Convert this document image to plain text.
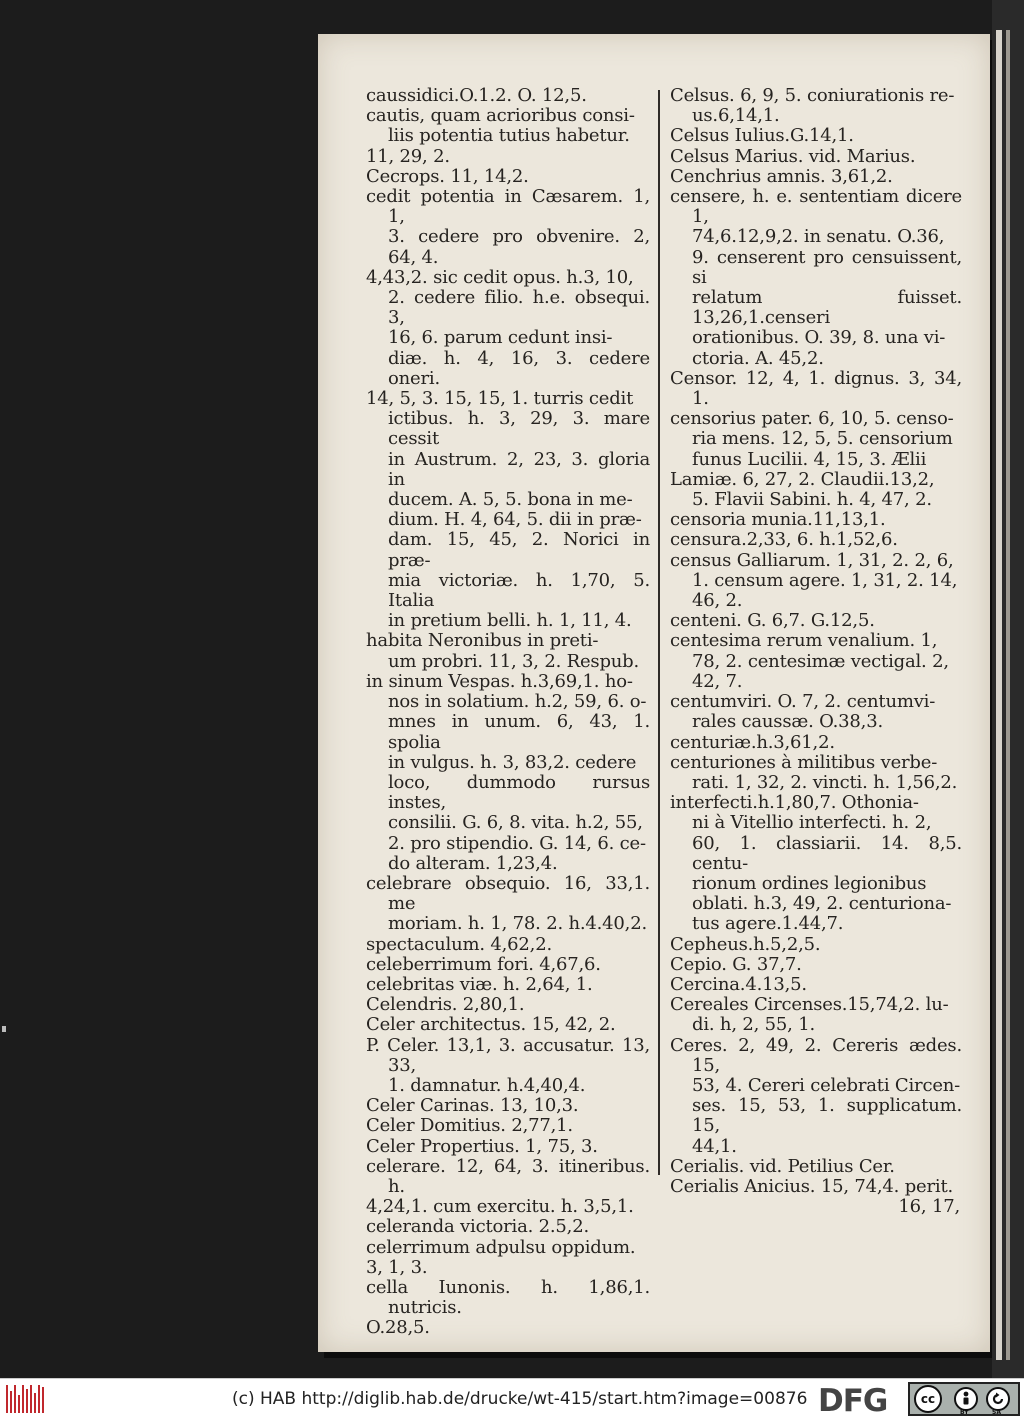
caussidici.O.1.2. O. 12,5.
cautis, quam acrioribus consi-
liis potentia tutius habetur.
11, 29, 2.
Cecrops. 11, 14,2.
cedit potentia in Cæsarem. 1, 1,
3. cedere pro obvenire. 2, 64, 4.
4,43,2. sic cedit opus. h.3, 10,
2. cedere filio. h.e. obsequi. 3,
16, 6. parum cedunt insi-
diæ. h. 4, 16, 3. cedere oneri.
14, 5, 3. 15, 15, 1. turris cedit
ictibus. h. 3, 29, 3. mare cessit
in Austrum. 2, 23, 3. gloria in
ducem. A. 5, 5. bona in me-
dium. H. 4, 64, 5. dii in præ-
dam. 15, 45, 2. Norici in præ-
mia victoriæ. h. 1,70, 5. Italia
in pretium belli. h. 1, 11, 4.
habita Neronibus in preti-
um probri. 11, 3, 2. Respub.
in sinum Vespas. h.3,69,1. ho-
nos in solatium. h.2, 59, 6. o-
mnes in unum. 6, 43, 1. spolia
in vulgus. h. 3, 83,2. cedere
loco, dummodo rursus instes,
consilii. G. 6, 8. vita. h.2, 55,
2. pro stipendio. G. 14, 6. ce-
do alteram. 1,23,4.
celebrare obsequio. 16, 33,1. me
moriam. h. 1, 78. 2. h.4.40,2.
spectaculum. 4,62,2.
celeberrimum fori. 4,67,6.
celebritas viæ. h. 2,64, 1.
Celendris. 2,80,1.
Celer architectus. 15, 42, 2.
P. Celer. 13,1, 3. accusatur. 13, 33,
1. damnatur. h.4,40,4.
Celer Carinas. 13, 10,3.
Celer Domitius. 2,77,1.
Celer Propertius. 1, 75, 3.
celerare. 12, 64, 3. itineribus. h.
4,24,1. cum exercitu. h. 3,5,1.
celeranda victoria. 2.5,2.
celerrimum adpulsu oppidum.
3, 1, 3.
cella Iunonis. h. 1,86,1. nutricis.
O.28,5.
Celsus. 6, 9, 5. coniurationis re-
us.6,14,1.
Celsus Iulius.G.14,1.
Celsus Marius. vid. Marius.
Cenchrius amnis. 3,61,2.
censere, h. e. sententiam dicere 1,
74,6.12,9,2. in senatu. O.36,
9. censerent pro censuissent, si
relatum fuisset. 13,26,1.censeri
orationibus. O. 39, 8. una vi-
ctoria. A. 45,2.
Censor. 12, 4, 1. dignus. 3, 34, 1.
censorius pater. 6, 10, 5. censo-
ria mens. 12, 5, 5. censorium
funus Lucilii. 4, 15, 3. Ælii
Lamiæ. 6, 27, 2. Claudii.13,2,
5. Flavii Sabini. h. 4, 47, 2.
censoria munia.11,13,1.
censura.2,33, 6. h.1,52,6.
census Galliarum. 1, 31, 2. 2, 6,
1. censum agere. 1, 31, 2. 14,
46, 2.
centeni. G. 6,7. G.12,5.
centesima rerum venalium. 1,
78, 2. centesimæ vectigal. 2,
42, 7.
centumviri. O. 7, 2. centumvi-
rales caussæ. O.38,3.
centuriæ.h.3,61,2.
centuriones à militibus verbe-
rati. 1, 32, 2. vincti. h. 1,56,2.
interfecti.h.1,80,7. Othonia-
ni à Vitellio interfecti. h. 2,
60, 1. classiarii. 14. 8,5. centu-
rionum ordines legionibus
oblati. h.3, 49, 2. centuriona-
tus agere.1.44,7.
Cepheus.h.5,2,5.
Cepio. G. 37,7.
Cercina.4.13,5.
Cereales Circenses.15,74,2. lu-
di. h, 2, 55, 1.
Ceres. 2, 49, 2. Cereris ædes. 15,
53, 4. Cereri celebrati Circen-
ses. 15, 53, 1. supplicatum. 15,
44,1.
Cerialis. vid. Petilius Cer.
Cerialis Anicius. 15, 74,4. perit.
16, 17,
(c) HAB http://diglib.hab.de/drucke/wt-415/start.htm?image=00876 DFG	cc
BY	SA
